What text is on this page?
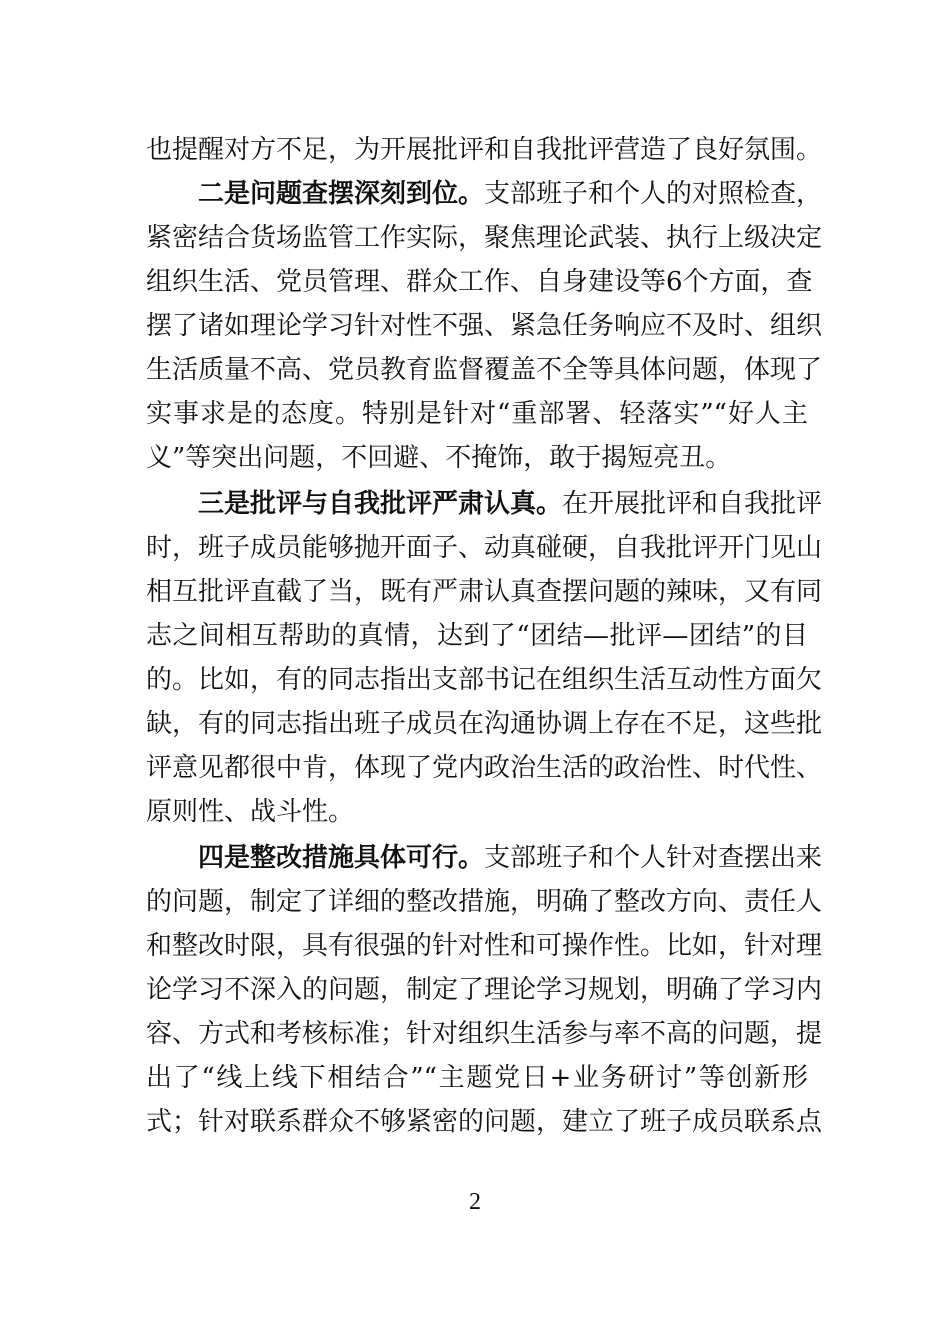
也提醒对方不足，为开展批评和自我批评营造了良好氛围。
二是问题查摆深刻到位。支部班子和个人的对照检查，
紧密结合货场监管工作实际，聚焦理论武装、执行上级决定
组织生活、党员管理、群众工作、自身建设等6个方面，查
摆了诸如理论学习针对性不强、紧急任务响应不及时、组织
生活质量不高、党员教育监督覆盖不全等具体问题，体现了
实事求是的态度。特别是针对“重部署、轻落实”“好人主
义”等突出问题，不回避、不掩饰，敢于揭短亮丑。
三是批评与自我批评严肃认真。在开展批评和自我批评
时，班子成员能够抛开面子、动真碰硬，自我批评开门见山
相互批评直截了当，既有严肃认真查摆问题的辣味，又有同
志之间相互帮助的真情，达到了“团结—批评—团结”的目
的。比如，有的同志指出支部书记在组织生活互动性方面欠
缺，有的同志指出班子成员在沟通协调上存在不足，这些批
评意见都很中肯，体现了党内政治生活的政治性、时代性、
原则性、战斗性。
四是整改措施具体可行。支部班子和个人针对查摆出来
的问题，制定了详细的整改措施，明确了整改方向、责任人
和整改时限，具有很强的针对性和可操作性。比如，针对理
论学习不深入的问题，制定了理论学习规划，明确了学习内
容、方式和考核标准；针对组织生活参与率不高的问题，提
出了“线上线下相结合”“主题党日+业务研讨”等创新形
式；针对联系群众不够紧密的问题，建立了班子成员联系点
2
